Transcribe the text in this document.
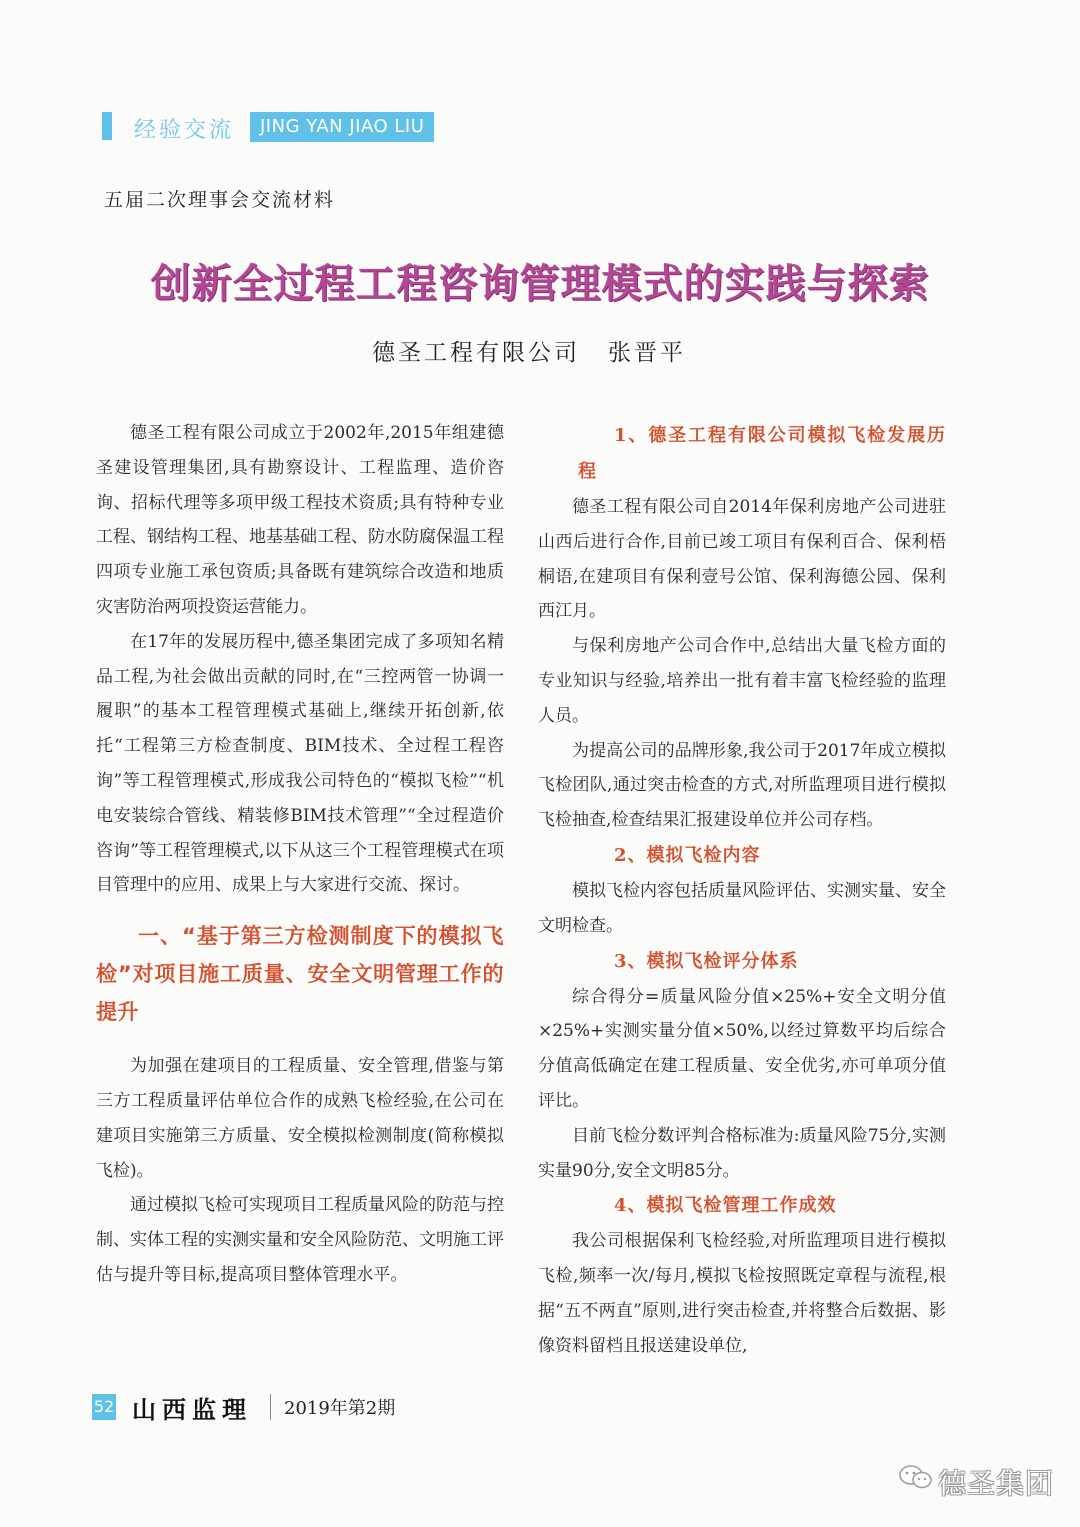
经验交流	JING YAN JIAO LIU
五届二次理事会交流材料
创新全过程工程咨询管理模式的实践与探索
德圣工程有限公司 张晋平

德圣工程有限公司成立于2002年,2015年组建德圣建设管理集团,具有勘察设计、工程监理、造价咨询、招标代理等多项甲级工程技术资质;具有特种专业工程、钢结构工程、地基基础工程、防水防腐保温工程四项专业施工承包资质;具备既有建筑综合改造和地质灾害防治两项投资运营能力。

在17年的发展历程中,德圣集团完成了多项知名精品工程,为社会做出贡献的同时,在“三控两管一协调一履职”的基本工程管理模式基础上,继续开拓创新,依托“工程第三方检查制度、BIM技术、全过程工程咨询”等工程管理模式,形成我公司特色的“模拟飞检”“机电安装综合管线、精装修BIM技术管理”“全过程造价咨询”等工程管理模式,以下从这三个工程管理模式在项目管理中的应用、成果上与大家进行交流、探讨。

一、“基于第三方检测制度下的模拟飞检”对项目施工质量、安全文明管理工作的提升

为加强在建项目的工程质量、安全管理,借鉴与第三方工程质量评估单位合作的成熟飞检经验,在公司在建项目实施第三方质量、安全模拟检测制度(简称模拟飞检)。

通过模拟飞检可实现项目工程质量风险的防范与控制、实体工程的实测实量和安全风险防范、文明施工评估与提升等目标,提高项目整体管理水平。

1、德圣工程有限公司模拟飞检发展历程

德圣工程有限公司自2014年保利房地产公司进驻山西后进行合作,目前已竣工项目有保利百合、保利梧桐语,在建项目有保利壹号公馆、保利海德公园、保利西江月。

与保利房地产公司合作中,总结出大量飞检方面的专业知识与经验,培养出一批有着丰富飞检经验的监理人员。

为提高公司的品牌形象,我公司于2017年成立模拟飞检团队,通过突击检查的方式,对所监理项目进行模拟飞检抽查,检查结果汇报建设单位并公司存档。

2、模拟飞检内容

模拟飞检内容包括质量风险评估、实测实量、安全文明检查。

3、模拟飞检评分体系

综合得分=质量风险分值×25%+安全文明分值×25%+实测实量分值×50%,以经过算数平均后综合分值高低确定在建工程质量、安全优劣,亦可单项分值评比。

目前飞检分数评判合格标准为:质量风险75分,实测实量90分,安全文明85分。

4、模拟飞检管理工作成效

我公司根据保利飞检经验,对所监理项目进行模拟飞检,频率一次/每月,模拟飞检按照既定章程与流程,根据“五不两直”原则,进行突击检查,并将整合后数据、影像资料留档且报送建设单位,

52 山西监理 2019年第2期
德圣集团
